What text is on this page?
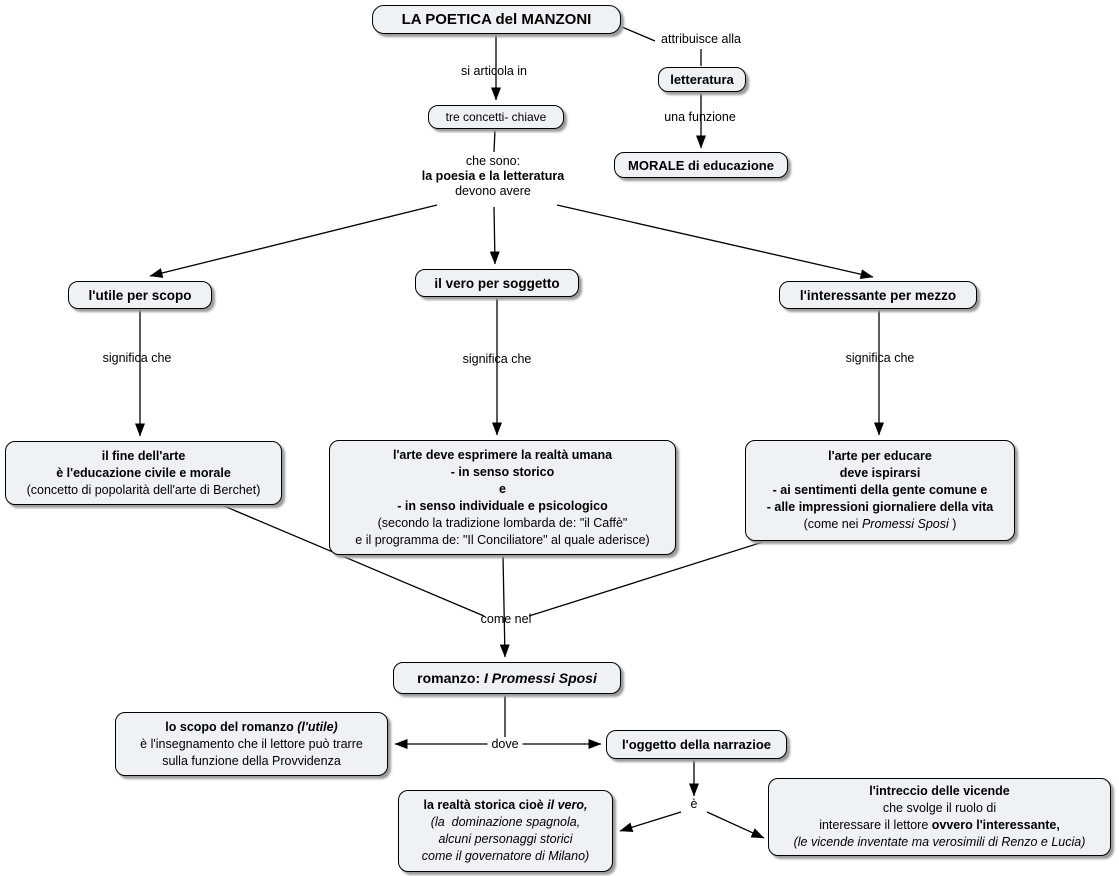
LA POETICA del MANZONI
tre concetti- chiave
letteratura
MORALE di educazione
l'utile per scopo
il vero per soggetto
l'interessante per mezzo
il fine dell'arte
è l'educazione civile e morale
(concetto di popolarità dell'arte di Berchet)
l'arte deve esprimere la realtà umana
- in senso storico
e
- in senso individuale e psicologico
(secondo la tradizione lombarda de: "il Caffè"
e il programma de: "Il Conciliatore" al quale aderisce)
l'arte per educare
deve ispirarsi
- ai sentimenti della gente comune e
- alle impressioni giornaliere della vita
(come nei Promessi Sposi )
romanzo: I Promessi Sposi
lo scopo del romanzo (l'utile)
è l'insegnamento che il lettore può trarre
sulla funzione della Provvidenza
l'oggetto della narrazioe
la realtà storica cioè il vero,
(la  dominazione spagnola,
alcuni personaggi storici
come il governatore di Milano)
l'intreccio delle vicende
che svolge il ruolo di
interessare il lettore ovvero l'interessante,
(le vicende inventate ma verosimili di Renzo e Lucia)
attribuisce alla
si articola in
una funzione
che sono:
la poesia e la letteratura
devono avere
significa che	significa che	significa che
come nel
dove
è
